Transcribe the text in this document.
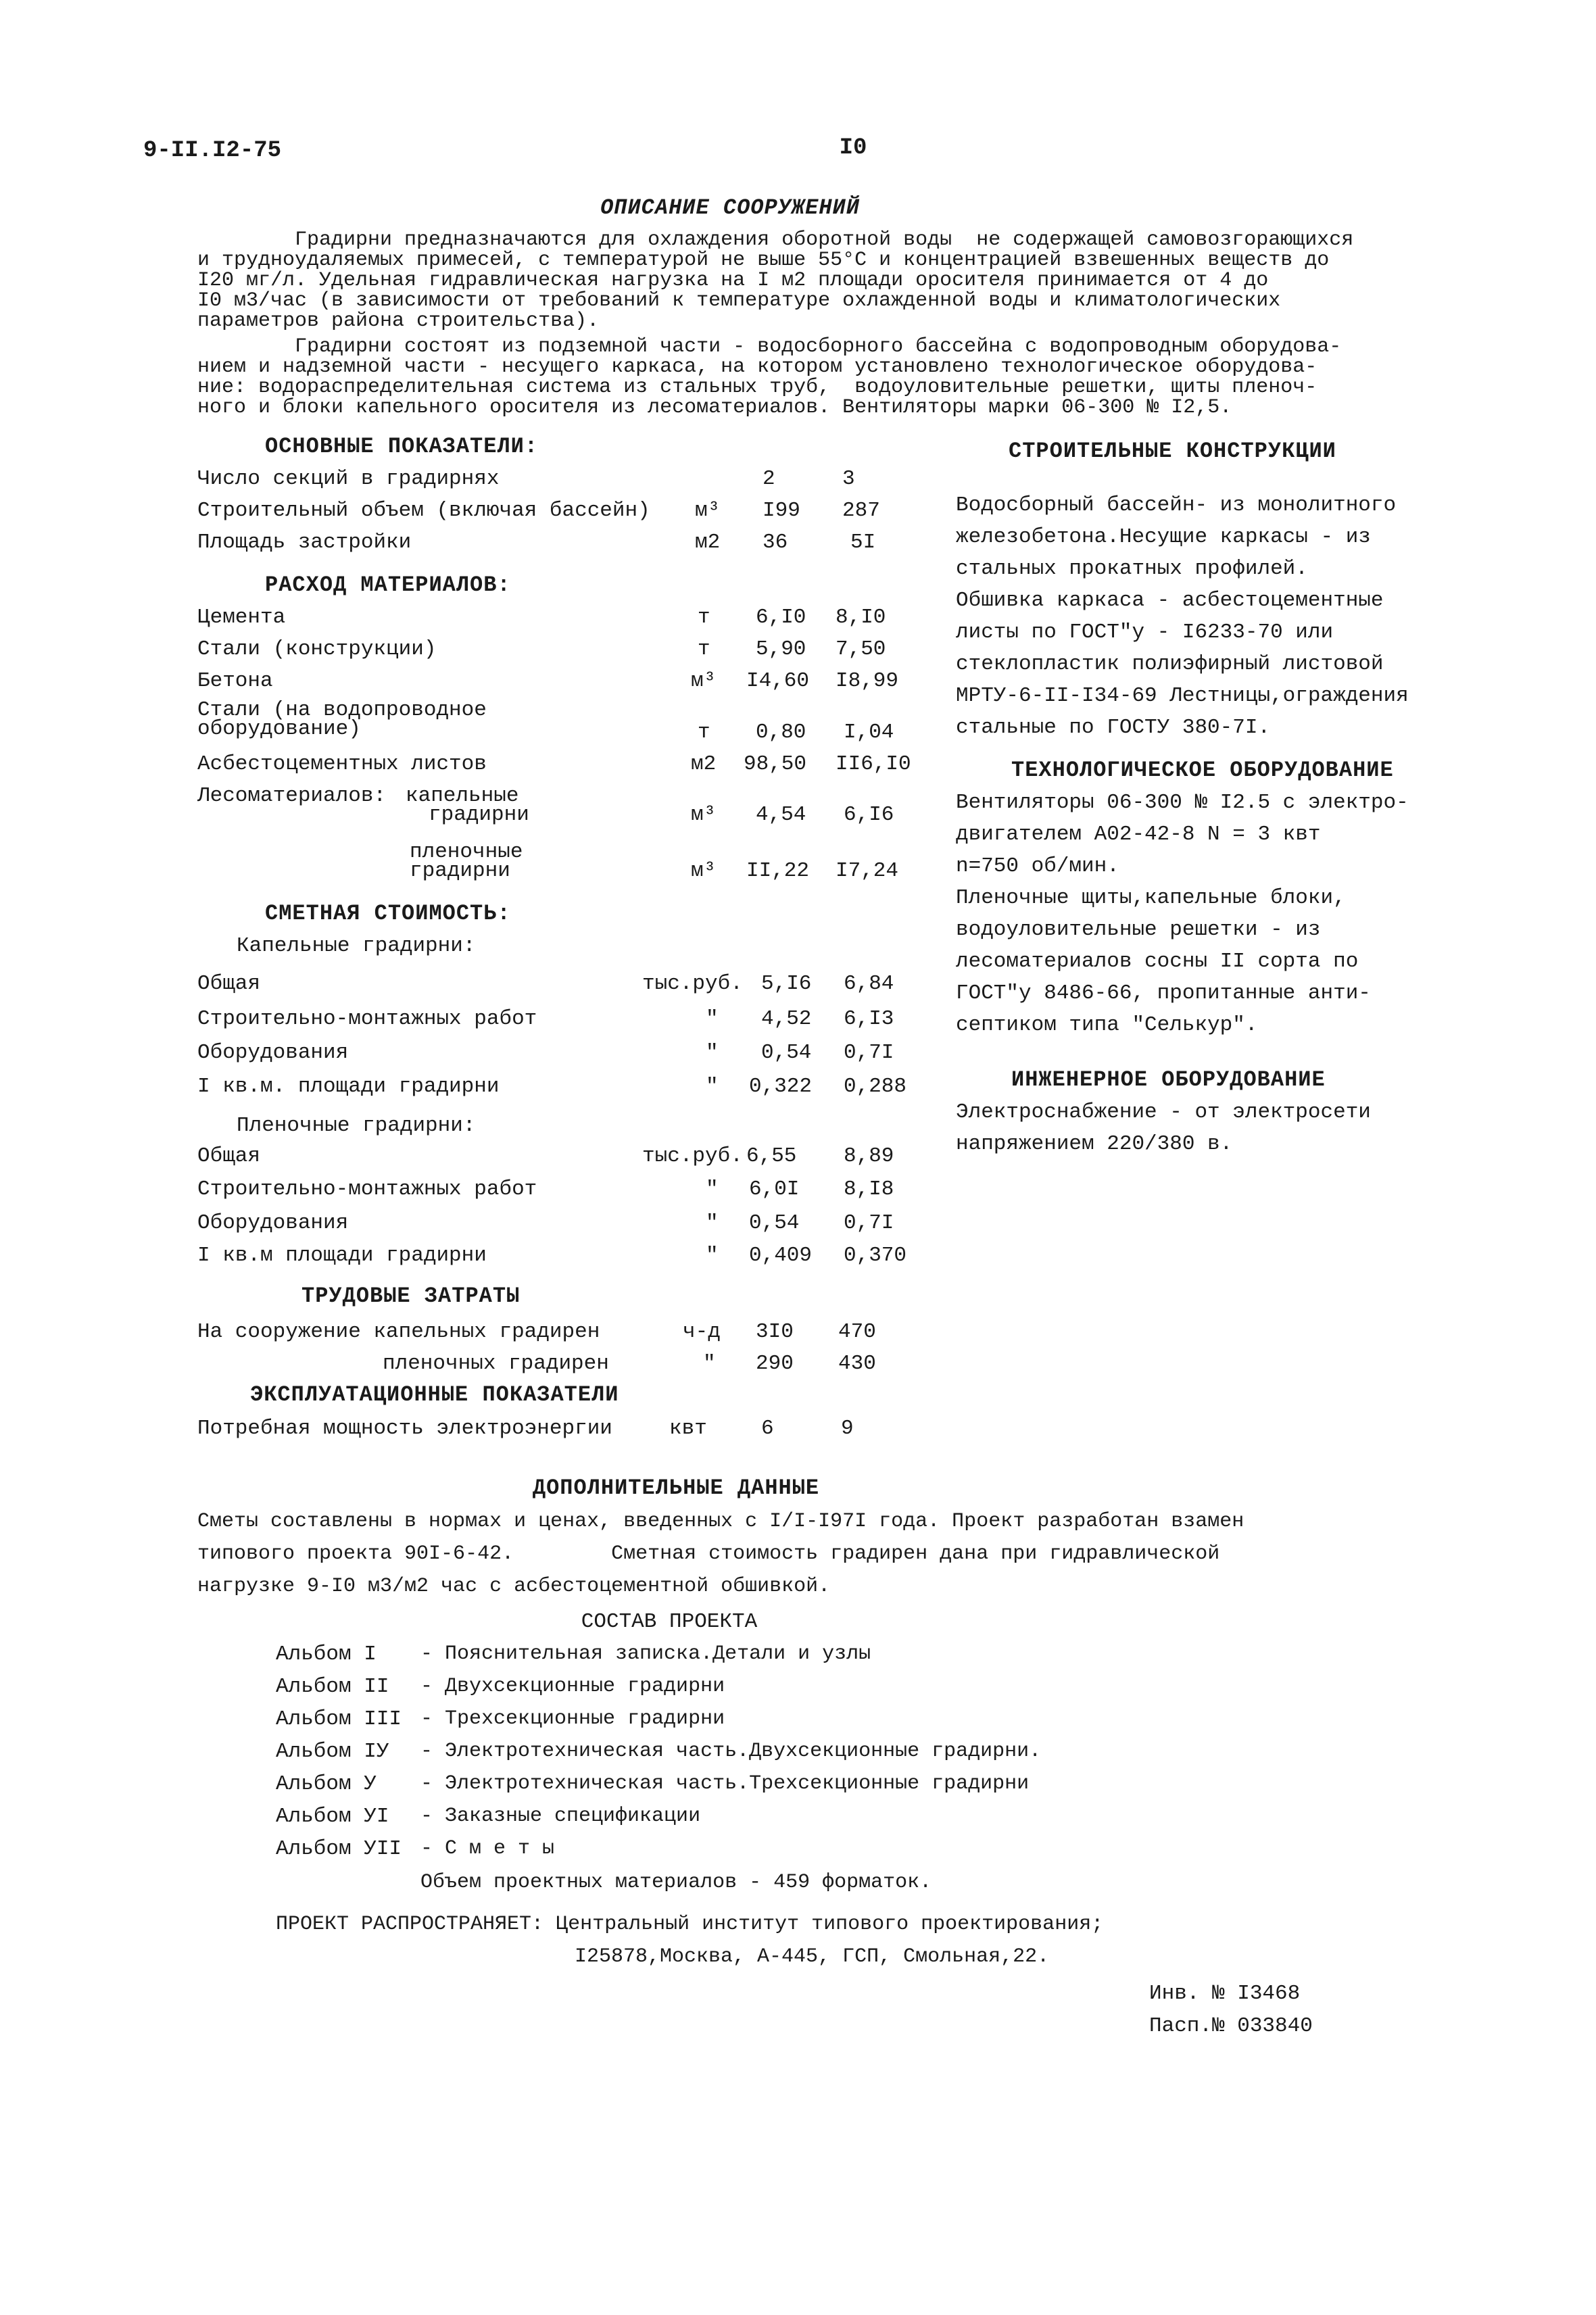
9-II.I2-75	I0
ОПИСАНИЕ СООРУЖЕНИЙ
Градирни предназначаются для охлаждения оборотной воды  не содержащей самовозгорающихся
и трудноудаляемых примесей, с температурой не выше 55°С и концентрацией взвешенных веществ до
I20 мг/л. Удельная гидравлическая нагрузка на I м2 площади оросителя принимается от 4 до
I0 м3/час (в зависимости от требований к температуре охлажденной воды и климатологических
параметров района строительства).
Градирни состоят из подземной части - водосборного бассейна с водопроводным оборудова-
нием и надземной части - несущего каркаса, на котором установлено технологическое оборудова-
ние: водораспределительная система из стальных труб,  водоуловительные решетки, щиты пленоч-
ного и блоки капельного оросителя из лесоматериалов. Вентиляторы марки 06-300 № I2,5.
ОСНОВНЫЕ ПОКАЗАТЕЛИ:
Число секций в градирнях	2	3
Строительный объем (включая бассейн) м³ I99 287
Площадь застройки	м2 36	5I
РАСХОД МАТЕРИАЛОВ:
Цемента	т 6,I0 8,I0
Стали (конструкции)	т 5,90 7,50
Бетона	м³ I4,60 I8,99
Стали (на водопроводное
оборудование)	т 0,80 I,04
Асбестоцементных листов	м2 98,50 II6,I0
Лесоматериалов: капельные
градирни	м³ 4,54 6,I6
пленочные
градирни	м³ II,22 I7,24
СМЕТНАЯ СТОИМОСТЬ:
Капельные градирни:
Общая	тыс.руб. 5,I6 6,84
Строительно-монтажных работ	" 4,52 6,I3
Оборудования	" 0,54 0,7I
I кв.м. площади градирни	" 0,322 0,288
Пленочные градирни:
Общая	тыс.руб. 6,55 8,89
Строительно-монтажных работ	" 6,0I 8,I8
Оборудования	" 0,54 0,7I
I кв.м площади градирни	" 0,409 0,370
ТРУДОВЫЕ ЗАТРАТЫ
На сооружение капельных градирен	ч-д 3I0 470
пленочных градирен	" 290 430
ЭКСПЛУАТАЦИОННЫЕ ПОКАЗАТЕЛИ
Потребная мощность электроэнергии	квт	6	9
СТРОИТЕЛЬНЫЕ КОНСТРУКЦИИ
Водосборный бассейн- из монолитного
железобетона.Несущие каркасы - из
стальных прокатных профилей.
Обшивка каркаса - асбестоцементные
листы по ГОСТ"у - I6233-70 или
стеклопластик полиэфирный листовой
МРТУ-6-II-I34-69 Лестницы,ограждения
стальные по ГОСТУ 380-7I.
ТЕХНОЛОГИЧЕСКОЕ ОБОРУДОВАНИЕ
Вентиляторы 06-300 № I2.5 с электро-
двигателем А02-42-8 N = 3 квт
n=750 об/мин.
Пленочные щиты,капельные блоки,
водоуловительные решетки - из
лесоматериалов сосны II сорта по
ГОСТ"у 8486-66, пропитанные анти-
септиком типа "Селькур".
ИНЖЕНЕРНОЕ ОБОРУДОВАНИЕ
Электроснабжение - от электросети
напряжением 220/380 в.
ДОПОЛНИТЕЛЬНЫЕ ДАННЫЕ
Сметы составлены в нормах и ценах, введенных с I/I-I97I года. Проект разработан взамен
типового проекта 90I-6-42.        Сметная стоимость градирен дана при гидравлической
нагрузке 9-I0 м3/м2 час с асбестоцементной обшивкой.
СОСТАВ ПРОЕКТА
Альбом I - Пояснительная записка.Детали и узлы
Альбом II - Двухсекционные градирни
Альбом III - Трехсекционные градирни
Альбом IУ - Электротехническая часть.Двухсекционные градирни.
Альбом У - Электротехническая часть.Трехсекционные градирни
Альбом УI - Заказные спецификации
Альбом УII - С м е т ы
Объем проектных материалов - 459 форматок.
ПРОЕКТ РАСПРОСТРАНЯЕТ: Центральный институт типового проектирования;
I25878,Москва, А-445, ГСП, Смольная,22.
Инв. № I3468
Пасп.№ 033840
